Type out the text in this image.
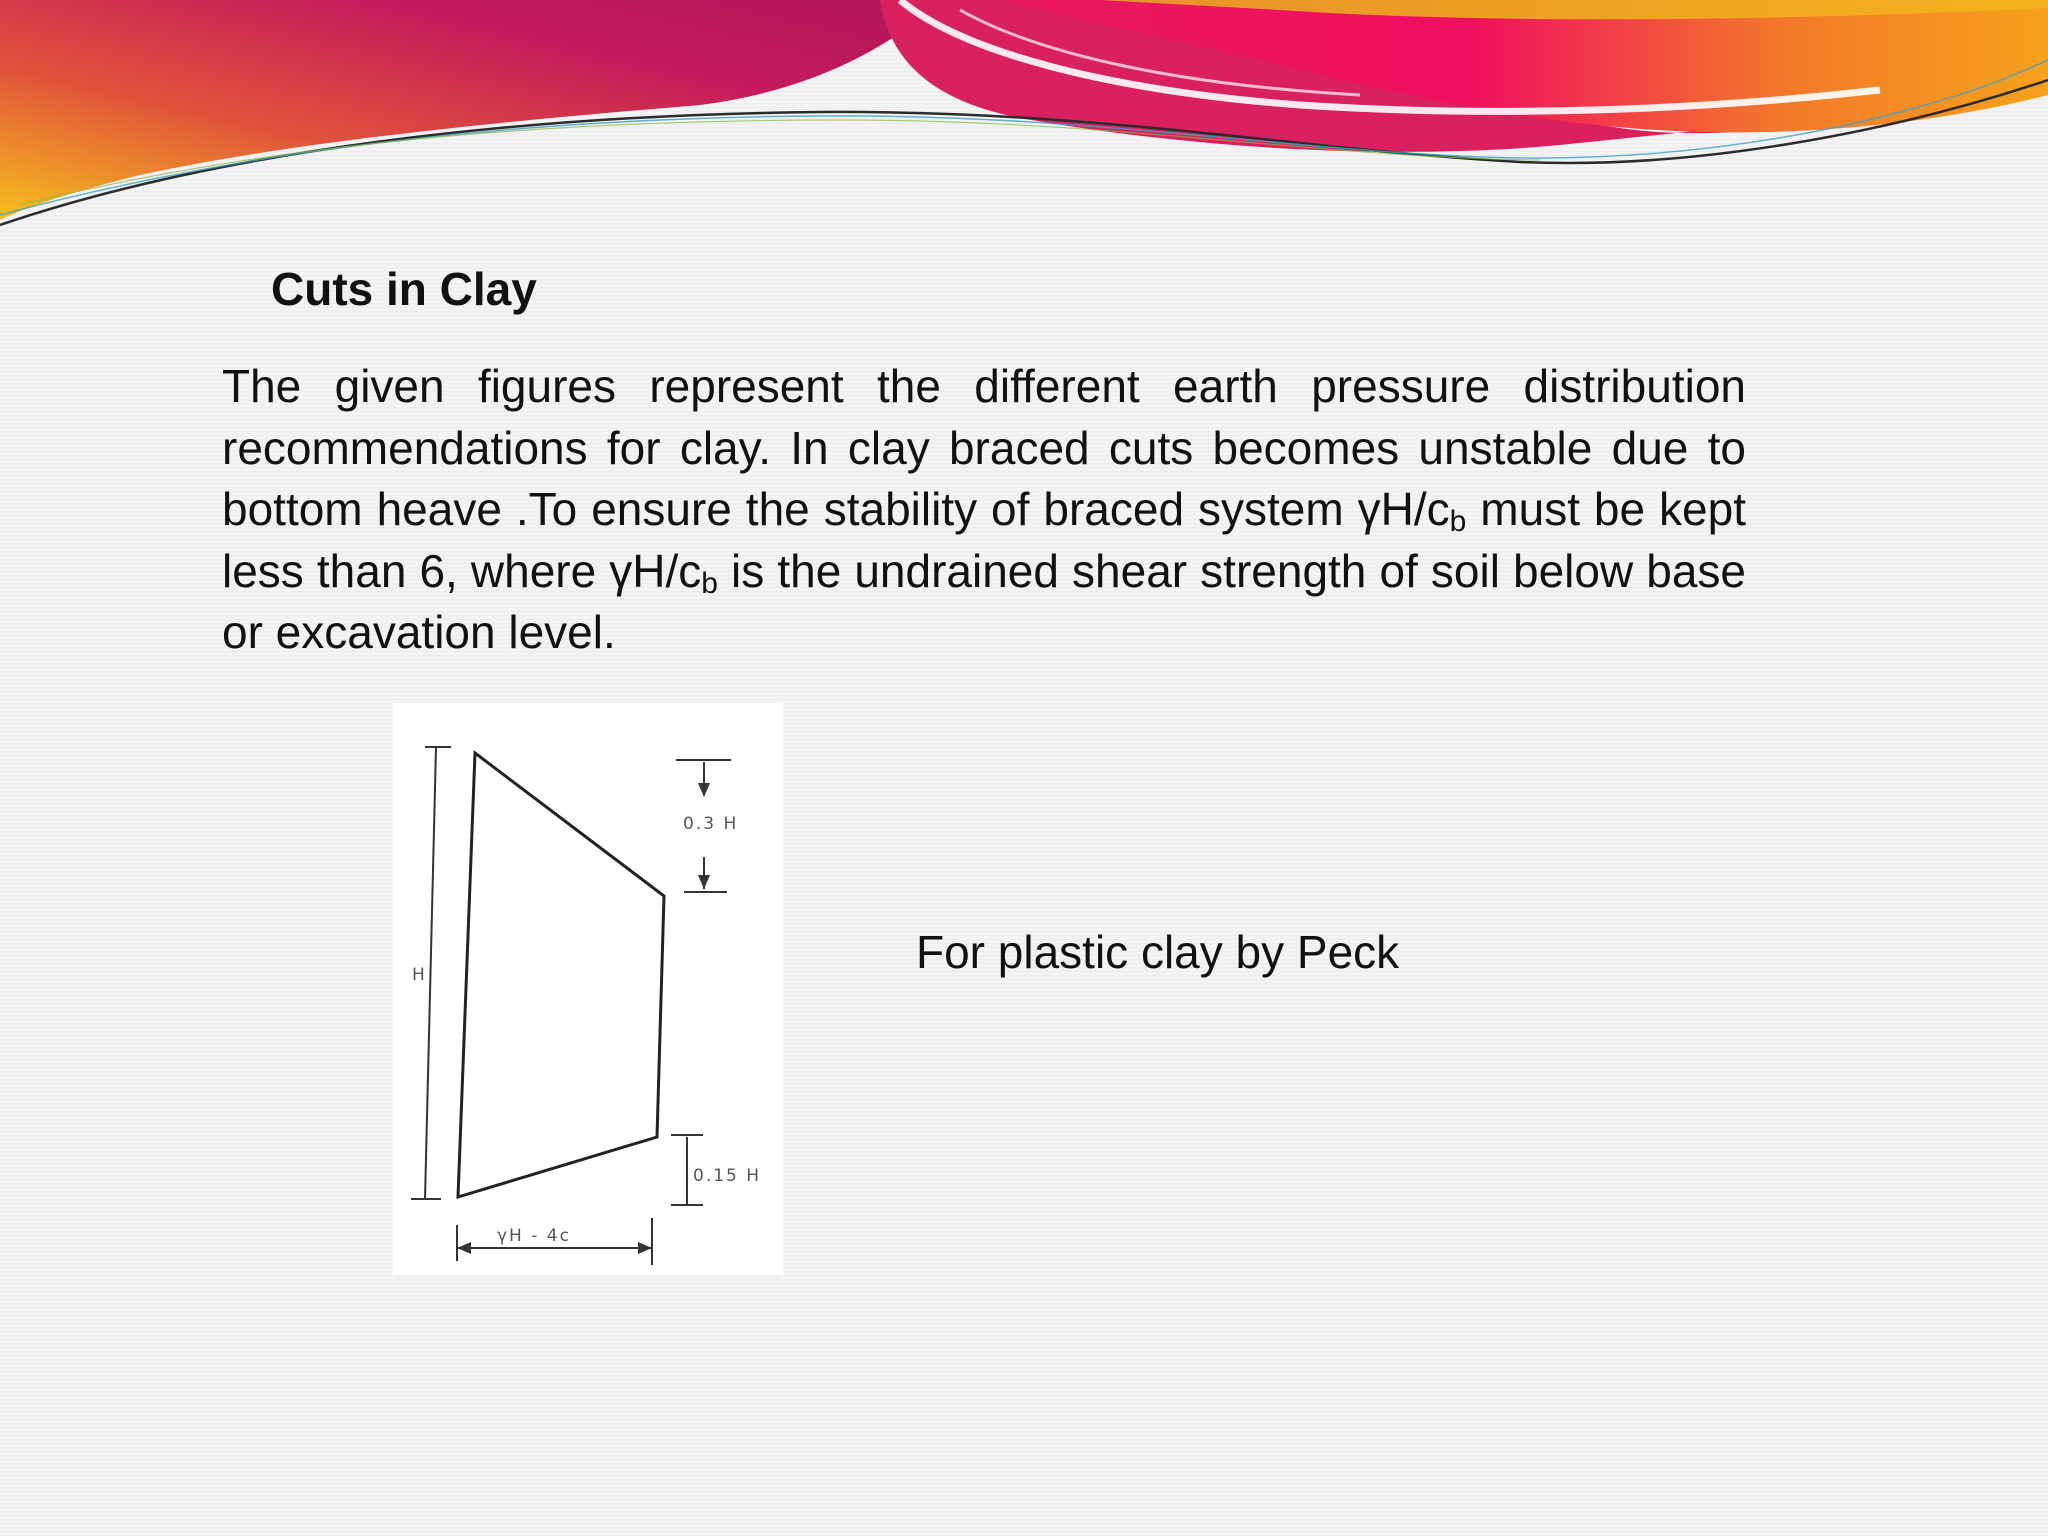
Cuts in Clay
The given figures represent the different earth pressure distribution recommendations for clay. In clay braced cuts becomes unstable due to bottom heave .To ensure the stability of braced system $\gamma H/c_b$ must be kept less than 6, where $\gamma H/c_b$ is the undrained shear strength of soil below base or excavation level.
H
0.3 H
0.15 H
γH - 4c
For plastic clay by Peck
